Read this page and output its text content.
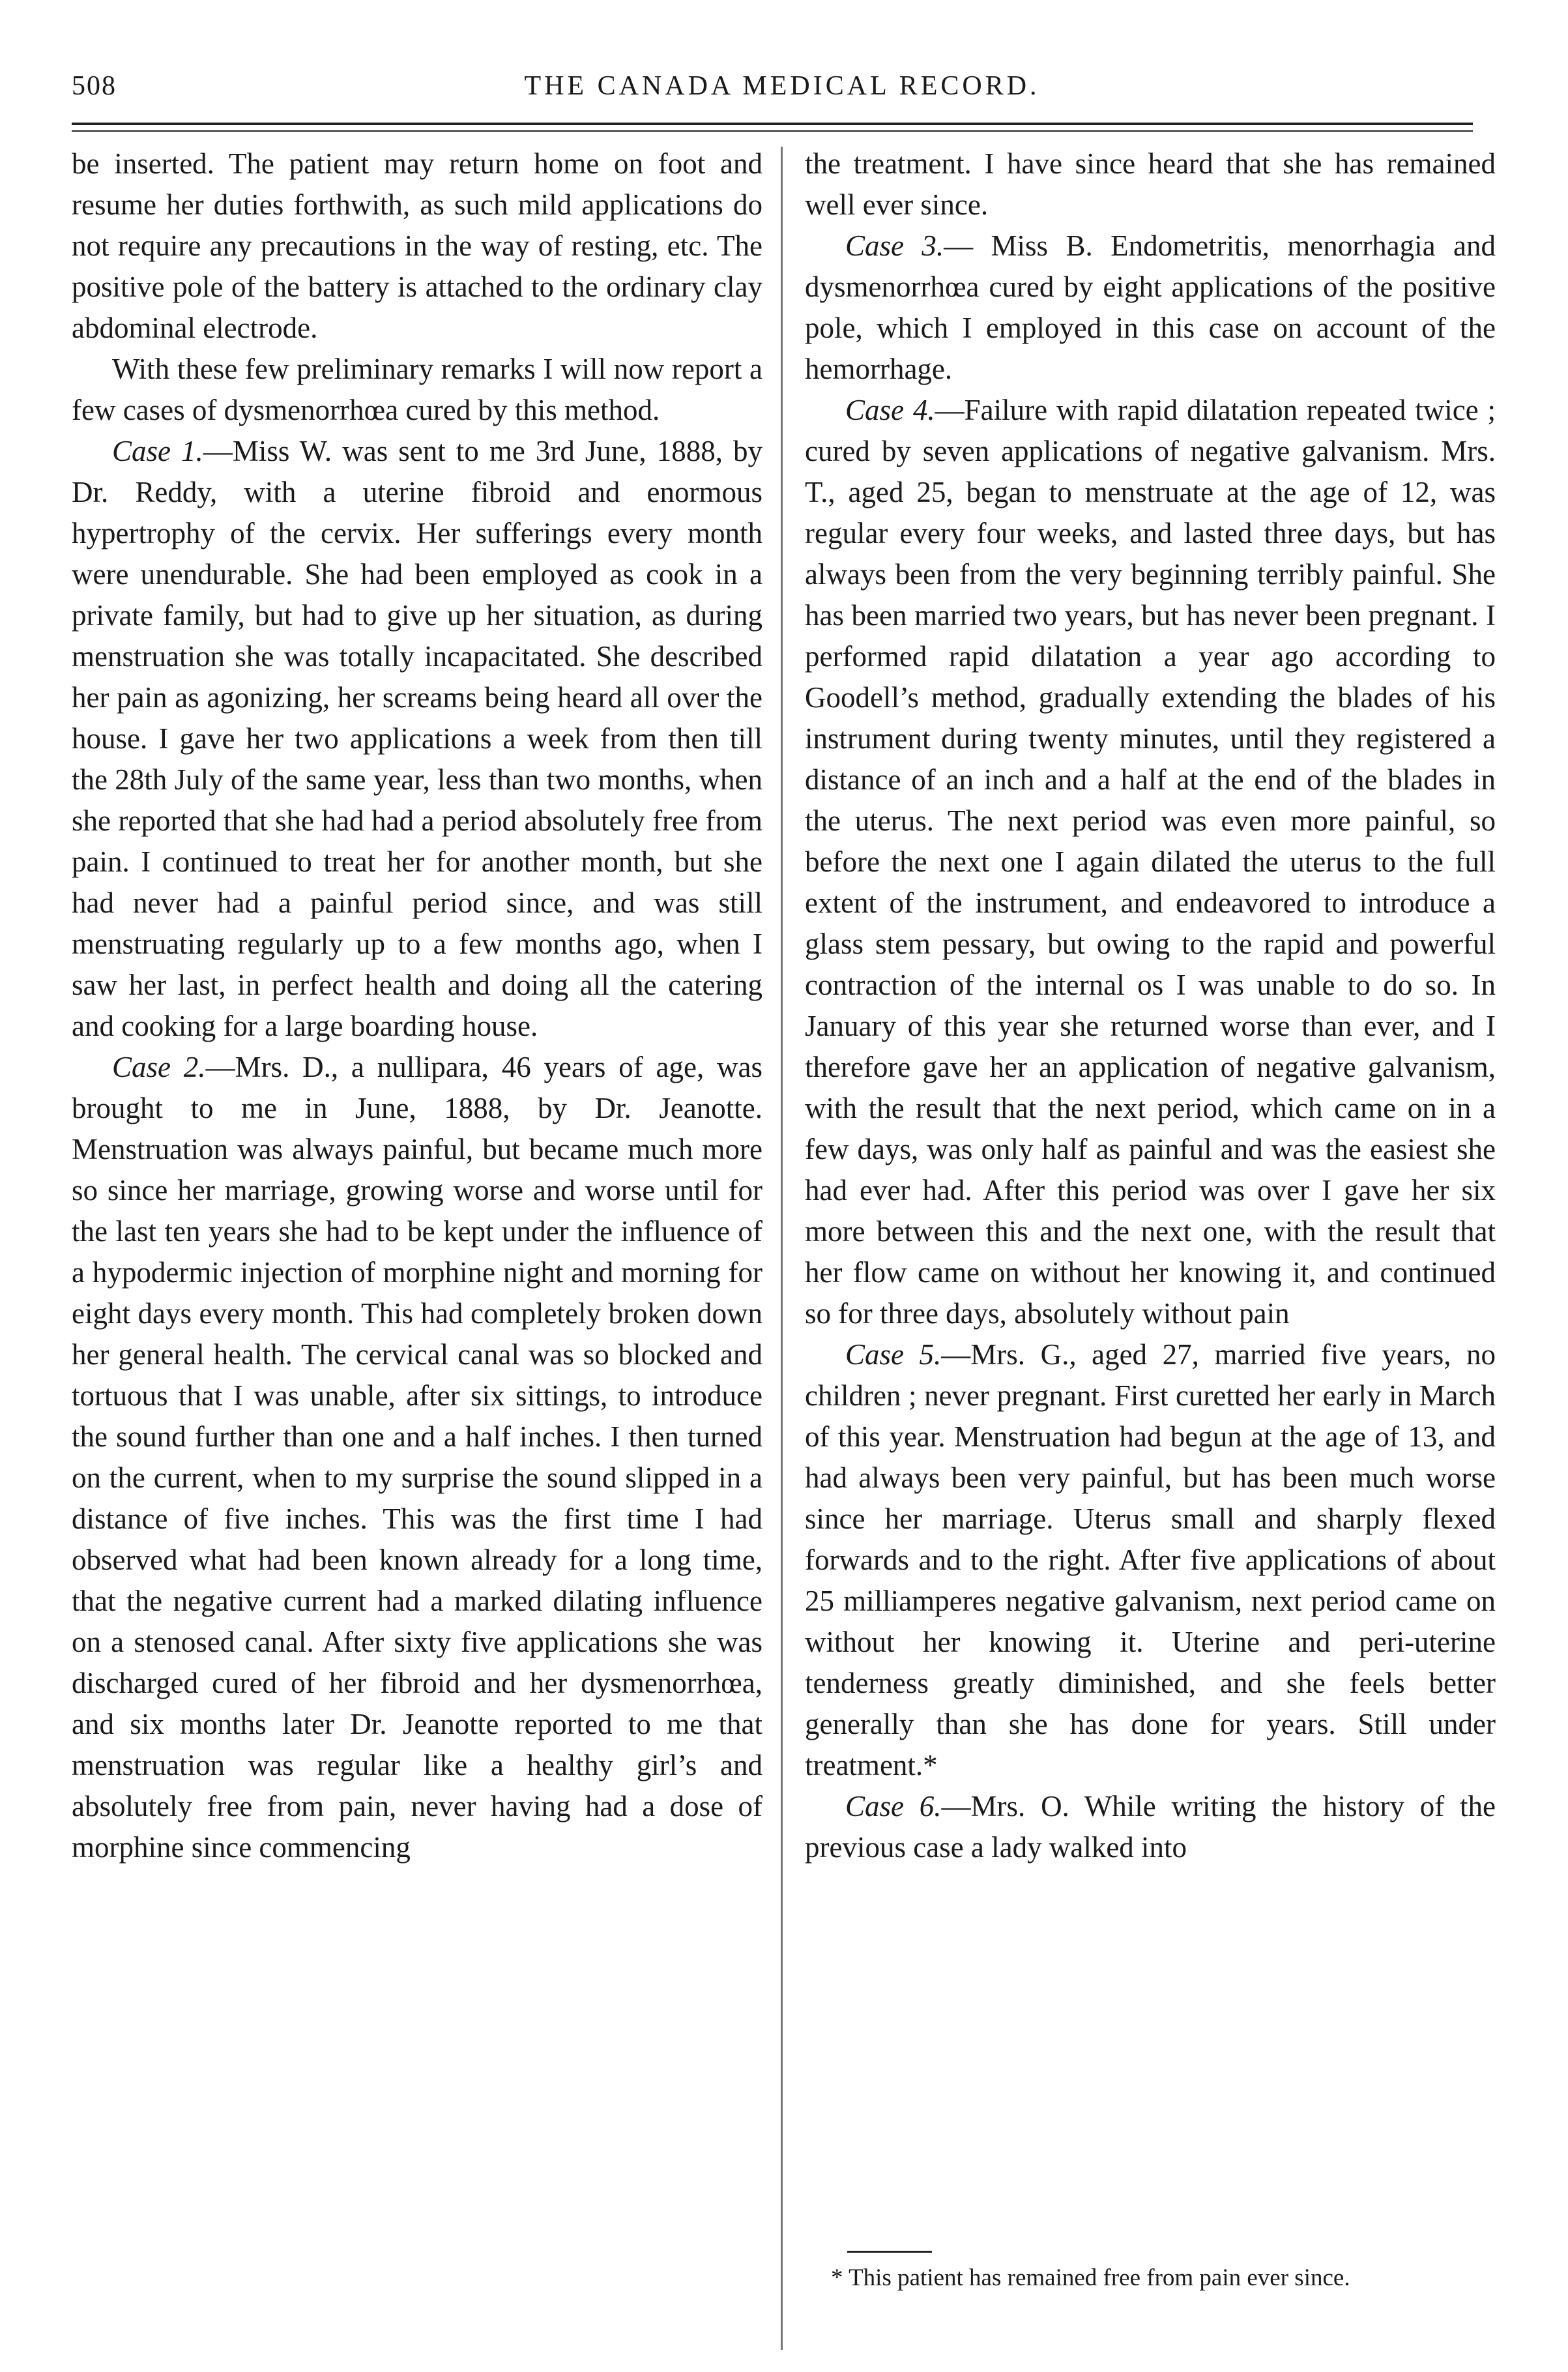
508	THE CANADA MEDICAL RECORD.

be inserted. The patient may return home on foot and resume her duties forthwith, as such mild applications do not require any precautions in the way of resting, etc. The positive pole of the battery is attached to the ordinary clay abdominal electrode.

With these few preliminary remarks I will now report a few cases of dysmenorrhœa cured by this method.

Case 1.—Miss W. was sent to me 3rd June, 1888, by Dr. Reddy, with a uterine fibroid and enormous hypertrophy of the cervix. Her sufferings every month were unendurable. She had been employed as cook in a private family, but had to give up her situation, as during menstruation she was totally incapacitated. She described her pain as agonizing, her screams being heard all over the house. I gave her two applications a week from then till the 28th July of the same year, less than two months, when she reported that she had had a period absolutely free from pain. I continued to treat her for another month, but she had never had a painful period since, and was still menstruating regularly up to a few months ago, when I saw her last, in perfect health and doing all the catering and cooking for a large boarding house.

Case 2.—Mrs. D., a nullipara, 46 years of age, was brought to me in June, 1888, by Dr. Jeanotte. Menstruation was always painful, but became much more so since her marriage, growing worse and worse until for the last ten years she had to be kept under the influence of a hypodermic injection of morphine night and morning for eight days every month. This had completely broken down her general health. The cervical canal was so blocked and tortuous that I was unable, after six sittings, to introduce the sound further than one and a half inches. I then turned on the current, when to my surprise the sound slipped in a distance of five inches. This was the first time I had observed what had been known already for a long time, that the negative current had a marked dilating influence on a stenosed canal. After sixty five applications she was discharged cured of her fibroid and her dysmenorrhœa, and six months later Dr. Jeanotte reported to me that menstruation was regular like a healthy girl’s and absolutely free from pain, never having had a dose of morphine since commencing

the treatment. I have since heard that she has remained well ever since.

Case 3.— Miss B. Endometritis, menorrhagia and dysmenorrhœa cured by eight applications of the positive pole, which I employed in this case on account of the hemorrhage.

Case 4.—Failure with rapid dilatation repeated twice ; cured by seven applications of negative galvanism. Mrs. T., aged 25, began to menstruate at the age of 12, was regular every four weeks, and lasted three days, but has always been from the very beginning terribly painful. She has been married two years, but has never been pregnant. I performed rapid dilatation a year ago according to Goodell’s method, gradually extending the blades of his instrument during twenty minutes, until they registered a distance of an inch and a half at the end of the blades in the uterus. The next period was even more painful, so before the next one I again dilated the uterus to the full extent of the instrument, and endeavored to introduce a glass stem pessary, but owing to the rapid and powerful contraction of the internal os I was unable to do so. In January of this year she returned worse than ever, and I therefore gave her an application of negative galvanism, with the result that the next period, which came on in a few days, was only half as painful and was the easiest she had ever had. After this period was over I gave her six more between this and the next one, with the result that her flow came on without her knowing it, and continued so for three days, absolutely without pain

Case 5.—Mrs. G., aged 27, married five years, no children ; never pregnant. First curetted her early in March of this year. Menstruation had begun at the age of 13, and had always been very painful, but has been much worse since her marriage. Uterus small and sharply flexed forwards and to the right. After five applications of about 25 milliamperes negative galvanism, next period came on without her knowing it. Uterine and peri-uterine tenderness greatly diminished, and she feels better generally than she has done for years. Still under treatment.*

Case 6.—Mrs. O. While writing the history of the previous case a lady walked into

* This patient has remained free from pain ever since.
